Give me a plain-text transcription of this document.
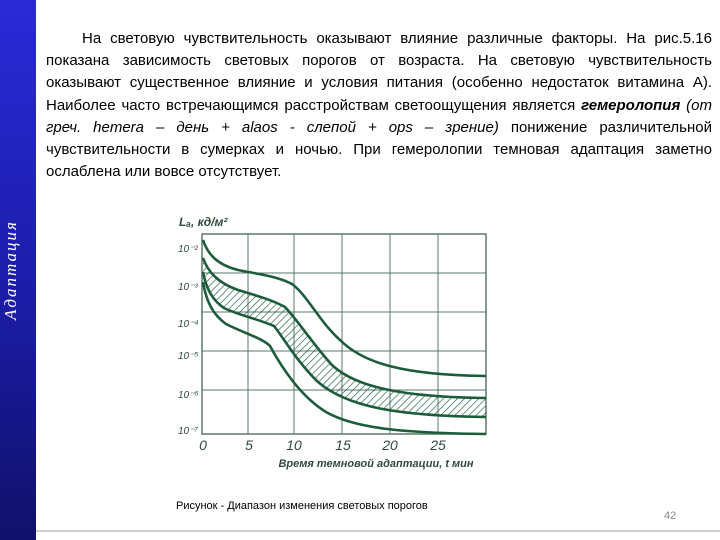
Адаптация

На световую чувствительность оказывают влияние различные факторы. На рис.5.16 показана зависимость световых порогов от возраста. На световую чувствительность оказывают существенное влияние и условия питания (особенно недостаток витамина А). Наиболее часто встречающимся расстройствам светоощущения является гемеролопия (от греч. hemera – день + alaos - слепой + ops – зрение) понижение различительной чувствительности в сумерках и ночью. При гемеролопии темновая адаптация заметно ослаблена или вовсе отсутствует.

Lₐ, кд/м²
10⁻²
10⁻³
10⁻⁴
10⁻⁵
10⁻⁶
10⁻⁷
0	5 10 15 20 25
Время темновой адаптации, t мин
Рисунок - Диапазон изменения световых порогов
42
